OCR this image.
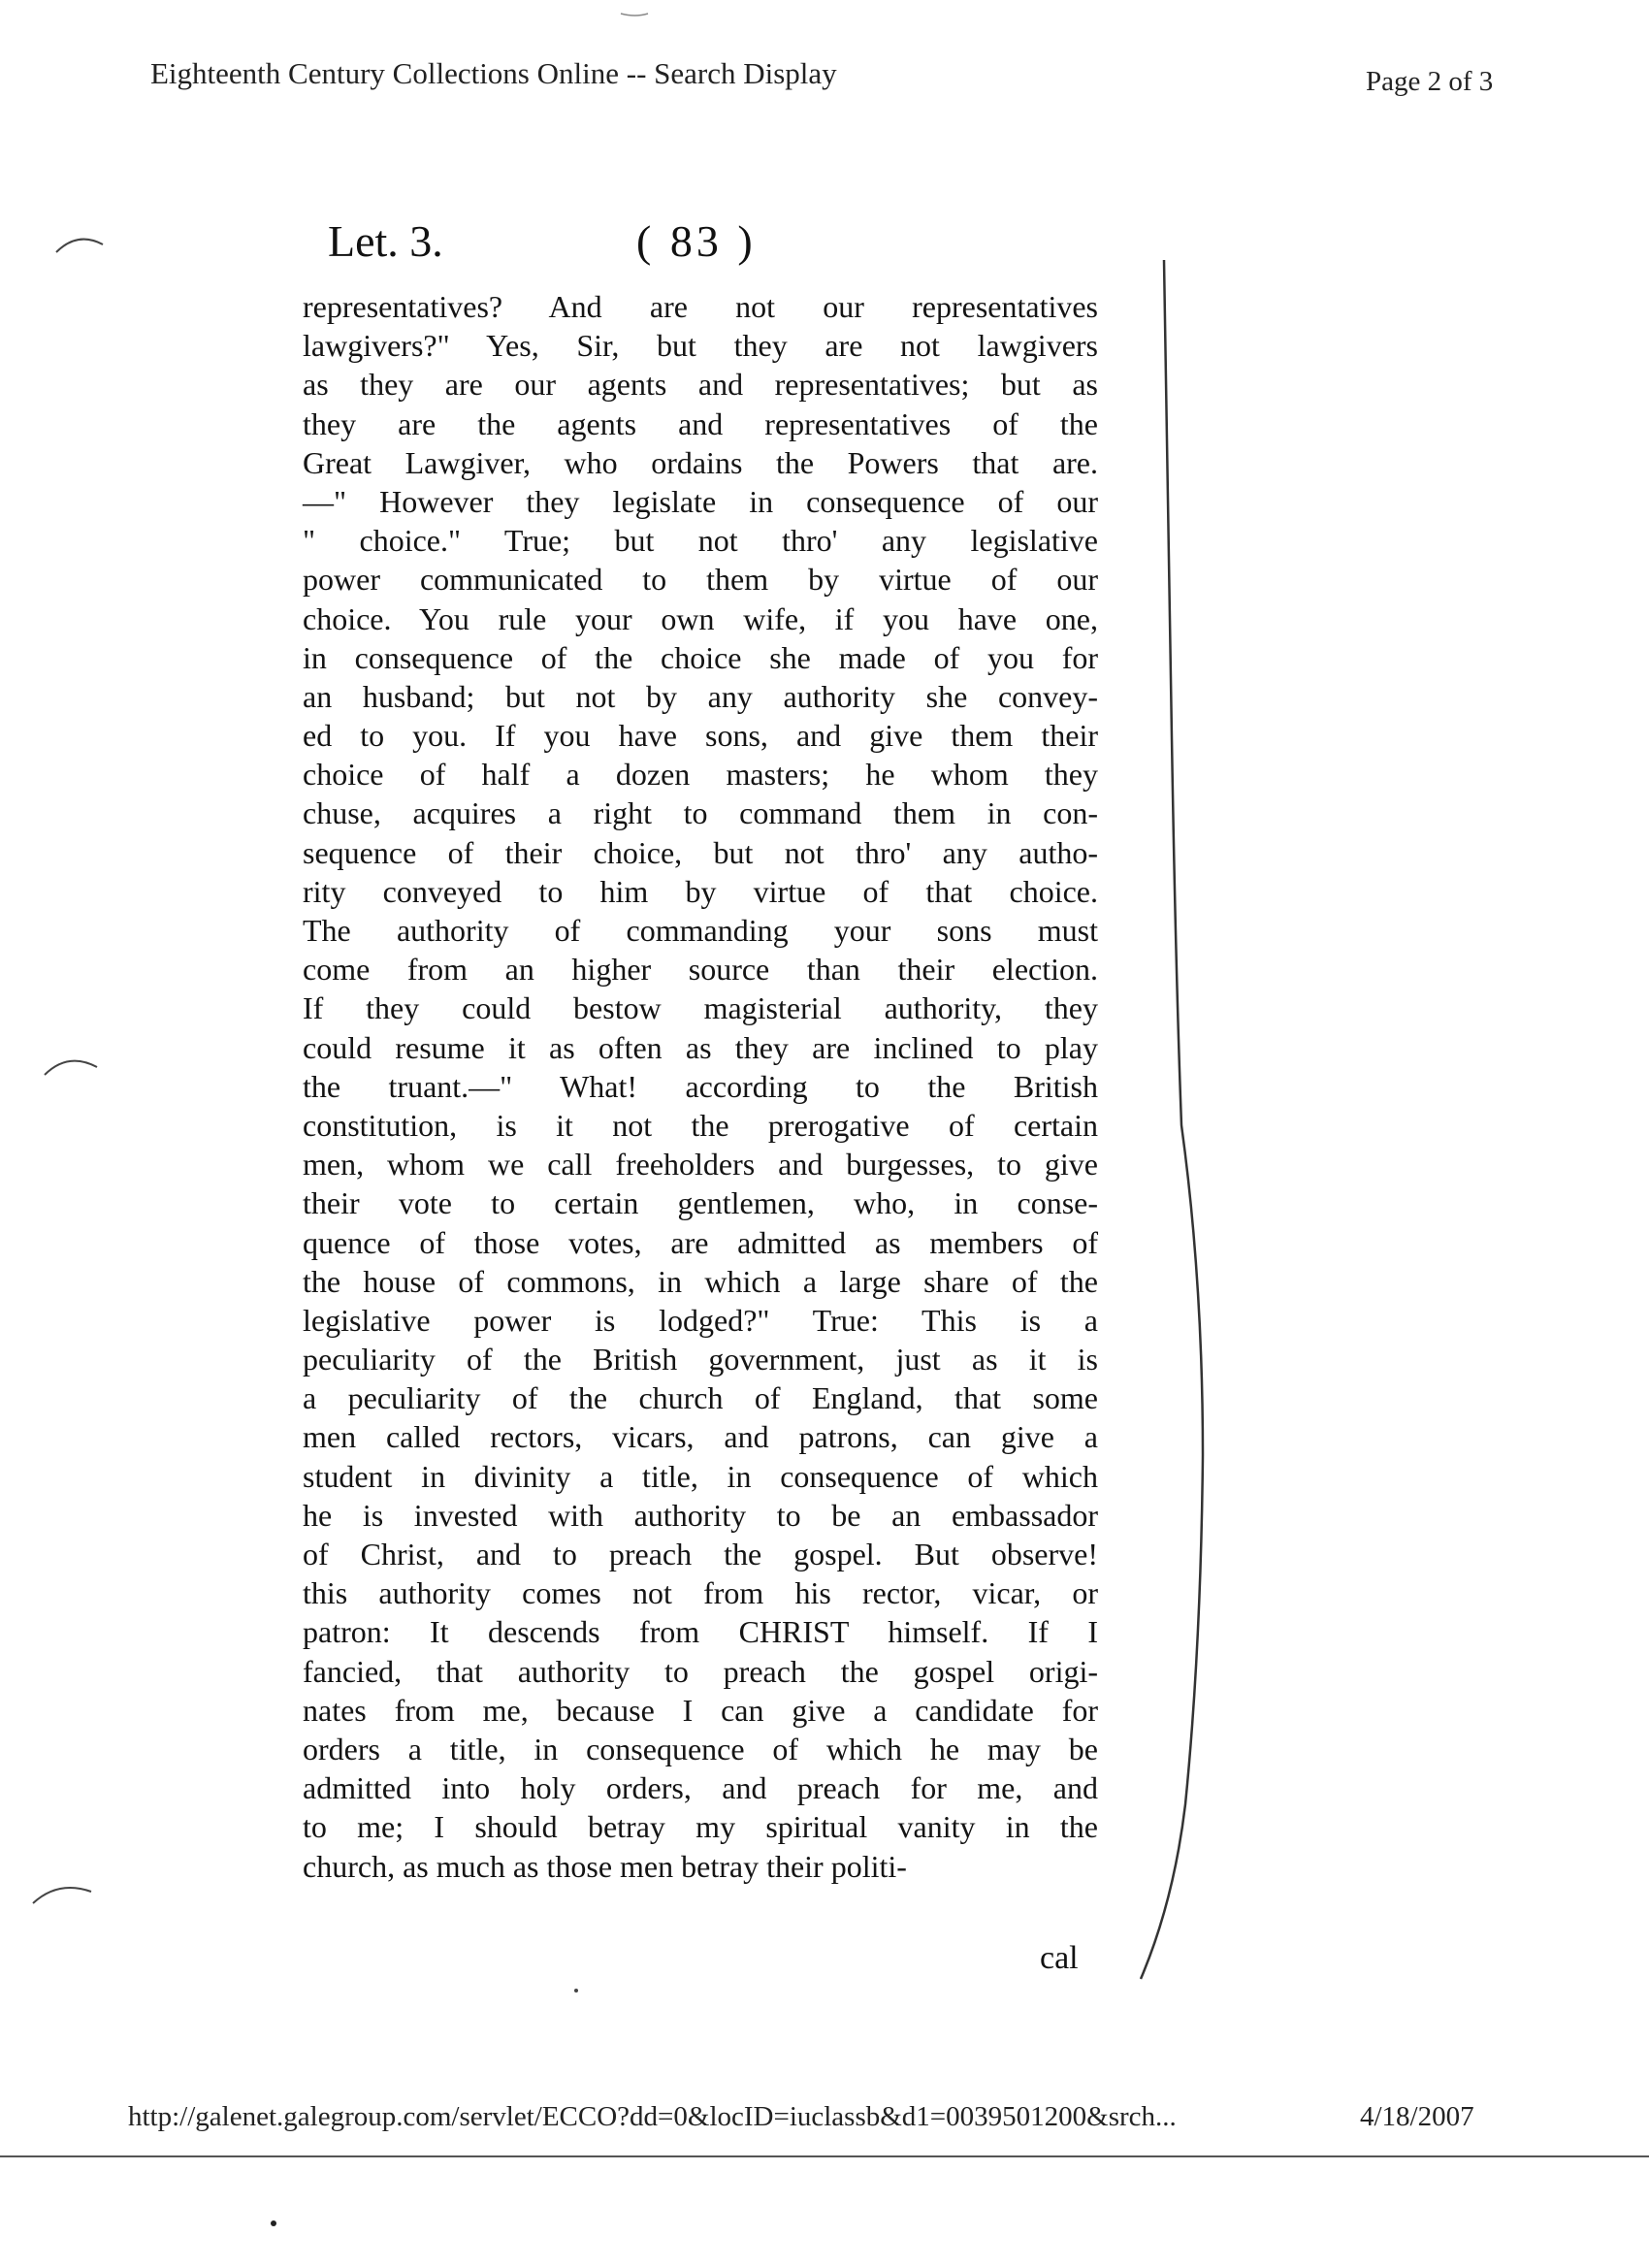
Eighteenth Century Collections Online -- Search Display	Page 2 of 3
Let. 3.	( 83 )
representatives? And are not our representatives
lawgivers?" Yes, Sir, but they are not lawgivers
as they are our agents and representatives; but as
they are the agents and representatives of the
Great Lawgiver, who ordains the Powers that are.
—" However they legislate in consequence of our
" choice." True; but not thro' any legislative
power communicated to them by virtue of our
choice. You rule your own wife, if you have one,
in consequence of the choice she made of you for
an husband; but not by any authority she convey-
ed to you. If you have sons, and give them their
choice of half a dozen masters; he whom they
chuse, acquires a right to command them in con-
sequence of their choice, but not thro' any autho-
rity conveyed to him by virtue of that choice.
The authority of commanding your sons must
come from an higher source than their election.
If they could bestow magisterial authority, they
could resume it as often as they are inclined to play
the truant.—" What! according to the British
constitution, is it not the prerogative of certain
men, whom we call freeholders and burgesses, to give
their vote to certain gentlemen, who, in conse-
quence of those votes, are admitted as members of
the house of commons, in which a large share of the
legislative power is lodged?" True: This is a
peculiarity of the British government, just as it is
a peculiarity of the church of England, that some
men called rectors, vicars, and patrons, can give a
student in divinity a title, in consequence of which
he is invested with authority to be an embassador
of Christ, and to preach the gospel. But observe!
this authority comes not from his rector, vicar, or
patron: It descends from CHRIST himself. If I
fancied, that authority to preach the gospel origi-
nates from me, because I can give a candidate for
orders a title, in consequence of which he may be
admitted into holy orders, and preach for me, and
to me; I should betray my spiritual vanity in the
church, as much as those men betray their politi-
cal
http://galenet.galegroup.com/servlet/ECCO?dd=0&locID=iuclassb&d1=0039501200&srch...	4/18/2007
